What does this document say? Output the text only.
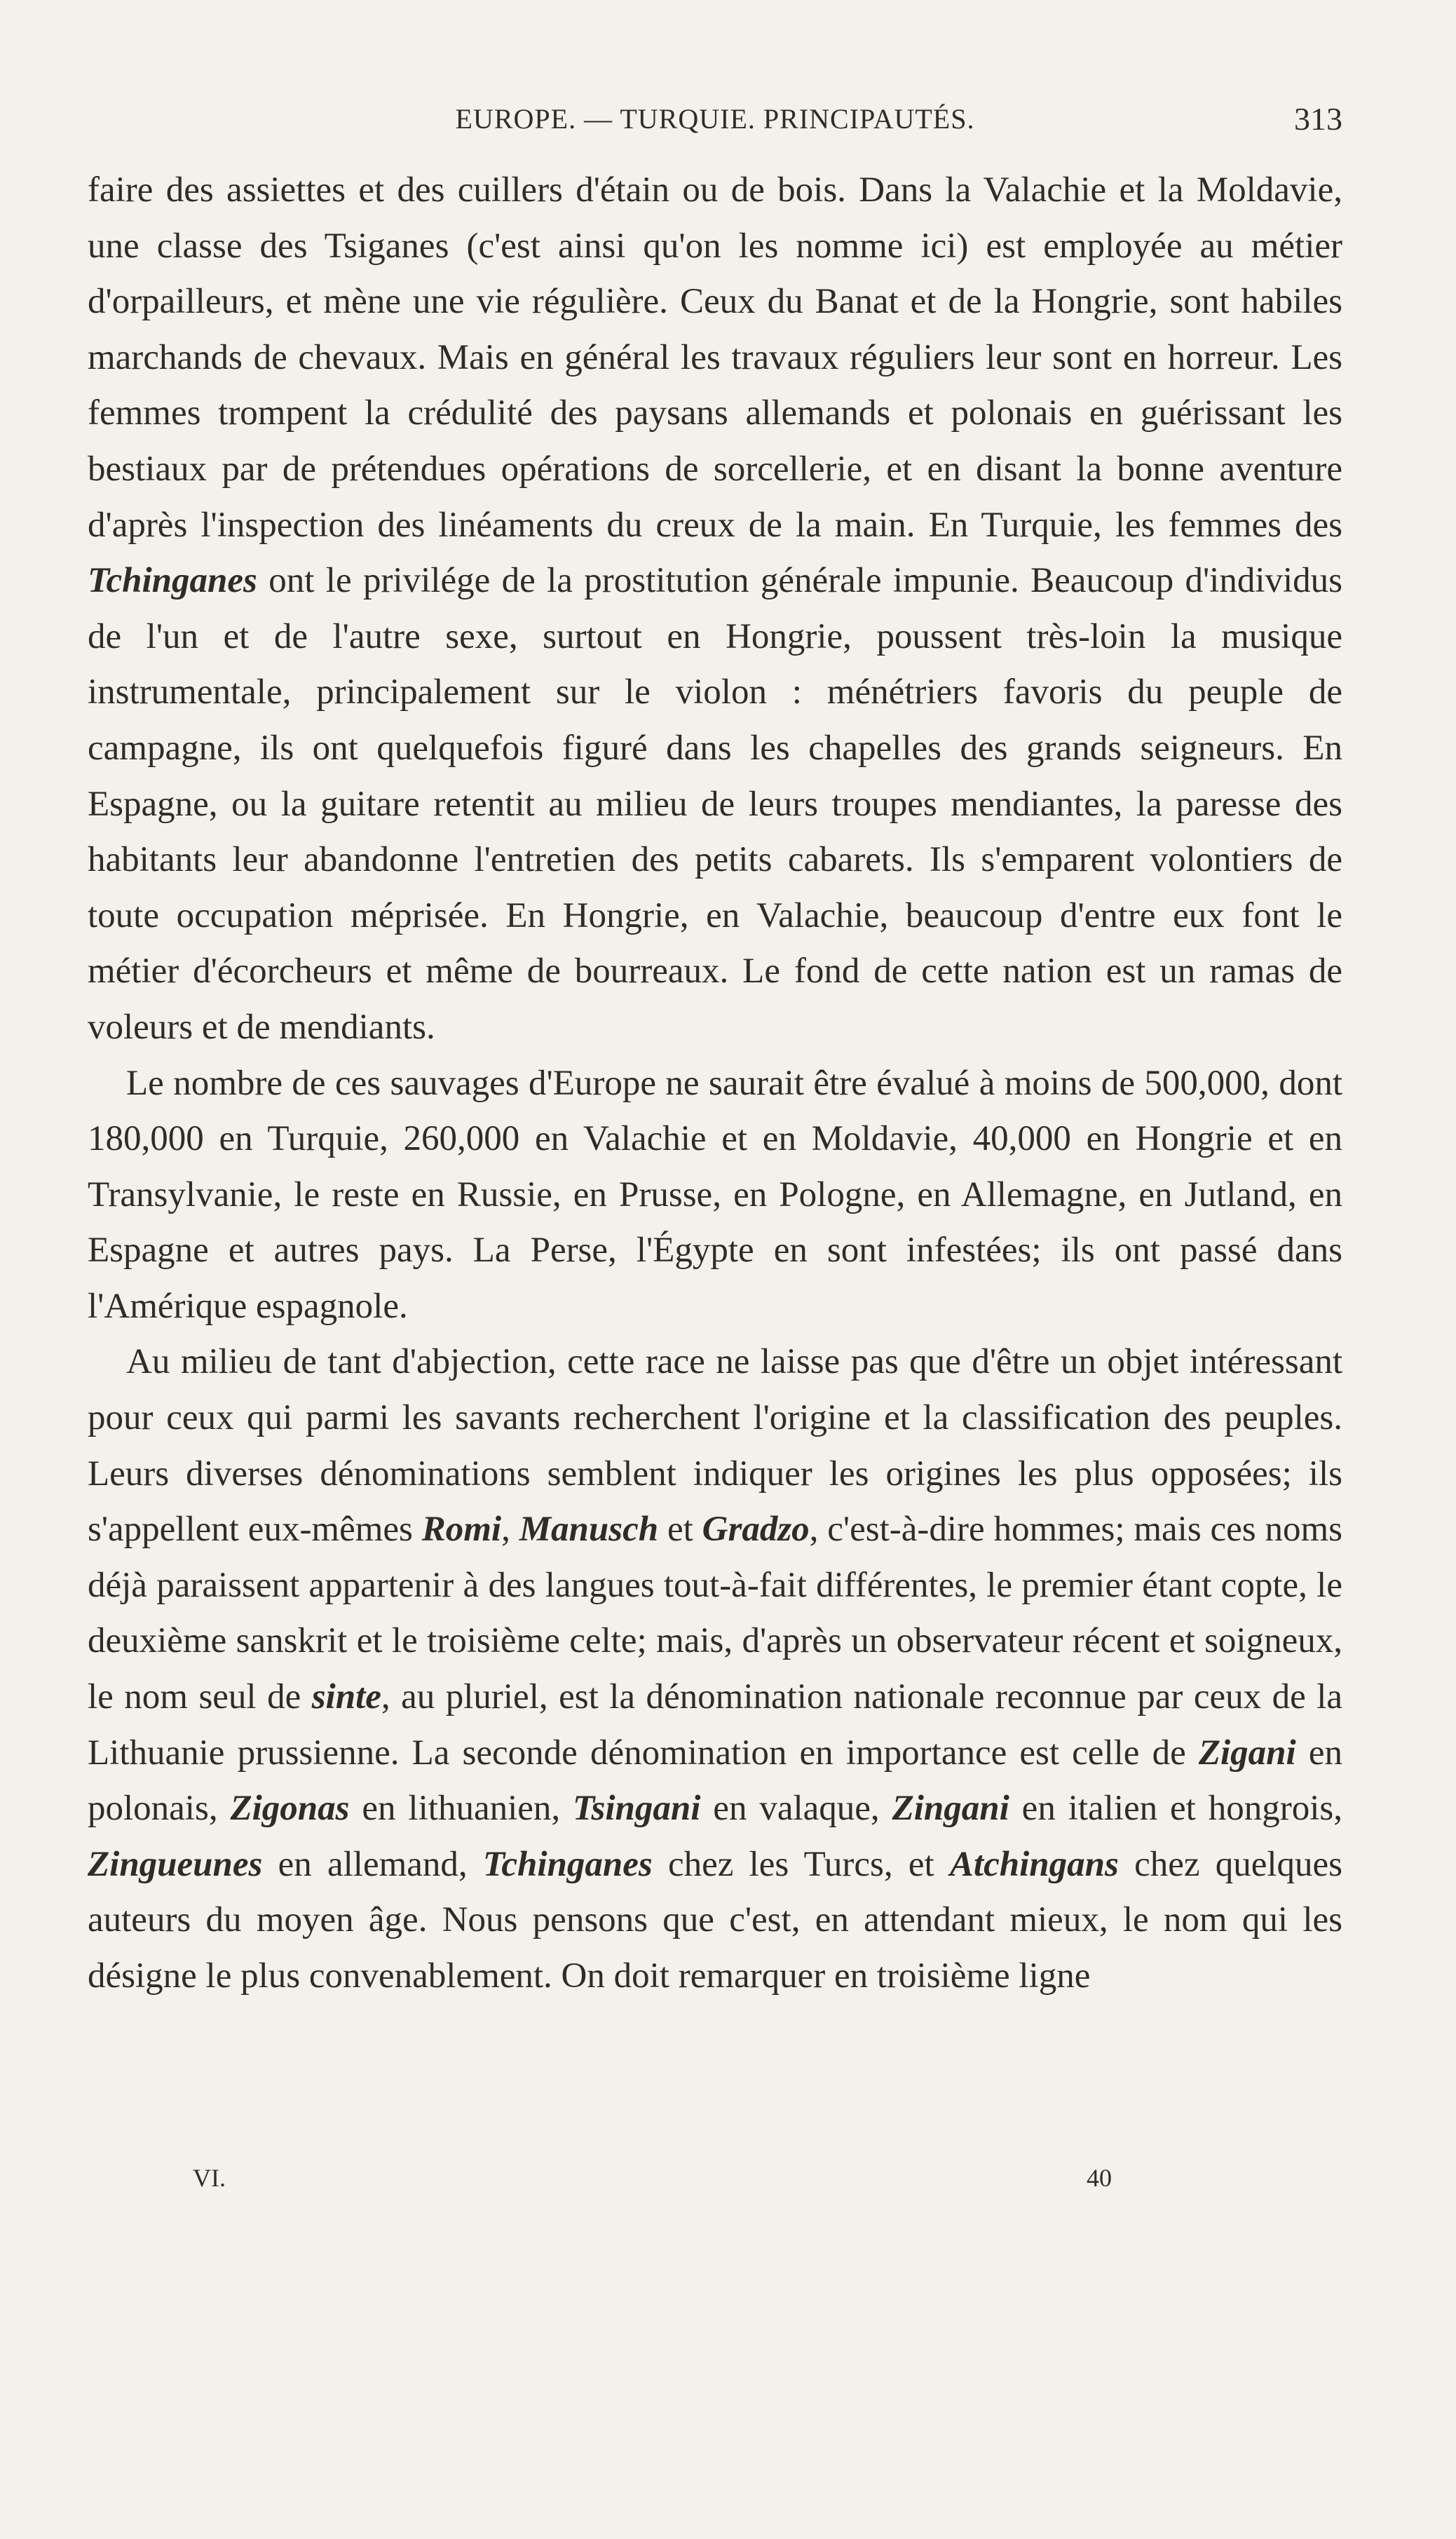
EUROPE. — TURQUIE. PRINCIPAUTÉS.	313

faire des assiettes et des cuillers d'étain ou de bois. Dans la Valachie et la Moldavie, une classe des Tsiganes (c'est ainsi qu'on les nomme ici) est employée au métier d'orpailleurs, et mène une vie régulière. Ceux du Banat et de la Hongrie, sont habiles marchands de chevaux. Mais en général les travaux réguliers leur sont en horreur. Les femmes trompent la crédulité des paysans allemands et polonais en guérissant les bestiaux par de prétendues opérations de sorcellerie, et en disant la bonne aventure d'après l'inspection des linéaments du creux de la main. En Turquie, les femmes des Tchinganes ont le privilége de la prostitution générale impunie. Beaucoup d'individus de l'un et de l'autre sexe, surtout en Hongrie, poussent très-loin la musique instrumentale, principalement sur le violon : ménétriers favoris du peuple de campagne, ils ont quelquefois figuré dans les chapelles des grands seigneurs. En Espagne, ou la guitare retentit au milieu de leurs troupes mendiantes, la paresse des habitants leur abandonne l'entretien des petits cabarets. Ils s'emparent volontiers de toute occupation méprisée. En Hongrie, en Valachie, beaucoup d'entre eux font le métier d'écorcheurs et même de bourreaux. Le fond de cette nation est un ramas de voleurs et de mendiants.

Le nombre de ces sauvages d'Europe ne saurait être évalué à moins de 500,000, dont 180,000 en Turquie, 260,000 en Valachie et en Moldavie, 40,000 en Hongrie et en Transylvanie, le reste en Russie, en Prusse, en Pologne, en Allemagne, en Jutland, en Espagne et autres pays. La Perse, l'Égypte en sont infestées; ils ont passé dans l'Amérique espagnole.

Au milieu de tant d'abjection, cette race ne laisse pas que d'être un objet intéressant pour ceux qui parmi les savants recherchent l'origine et la classification des peuples. Leurs diverses dénominations semblent indiquer les origines les plus opposées; ils s'appellent eux-mêmes Romi, Manusch et Gradzo, c'est-à-dire hommes; mais ces noms déjà paraissent appartenir à des langues tout-à-fait différentes, le premier étant copte, le deuxième sanskrit et le troisième celte; mais, d'après un observateur récent et soigneux, le nom seul de sinte, au pluriel, est la dénomination nationale reconnue par ceux de la Lithuanie prussienne. La seconde dénomination en importance est celle de Zigani en polonais, Zigonas en lithuanien, Tsingani en valaque, Zingani en italien et hongrois, Zingueunes en allemand, Tchinganes chez les Turcs, et Atchingans chez quelques auteurs du moyen âge. Nous pensons que c'est, en attendant mieux, le nom qui les désigne le plus convenablement. On doit remarquer en troisième ligne

VI.	40
